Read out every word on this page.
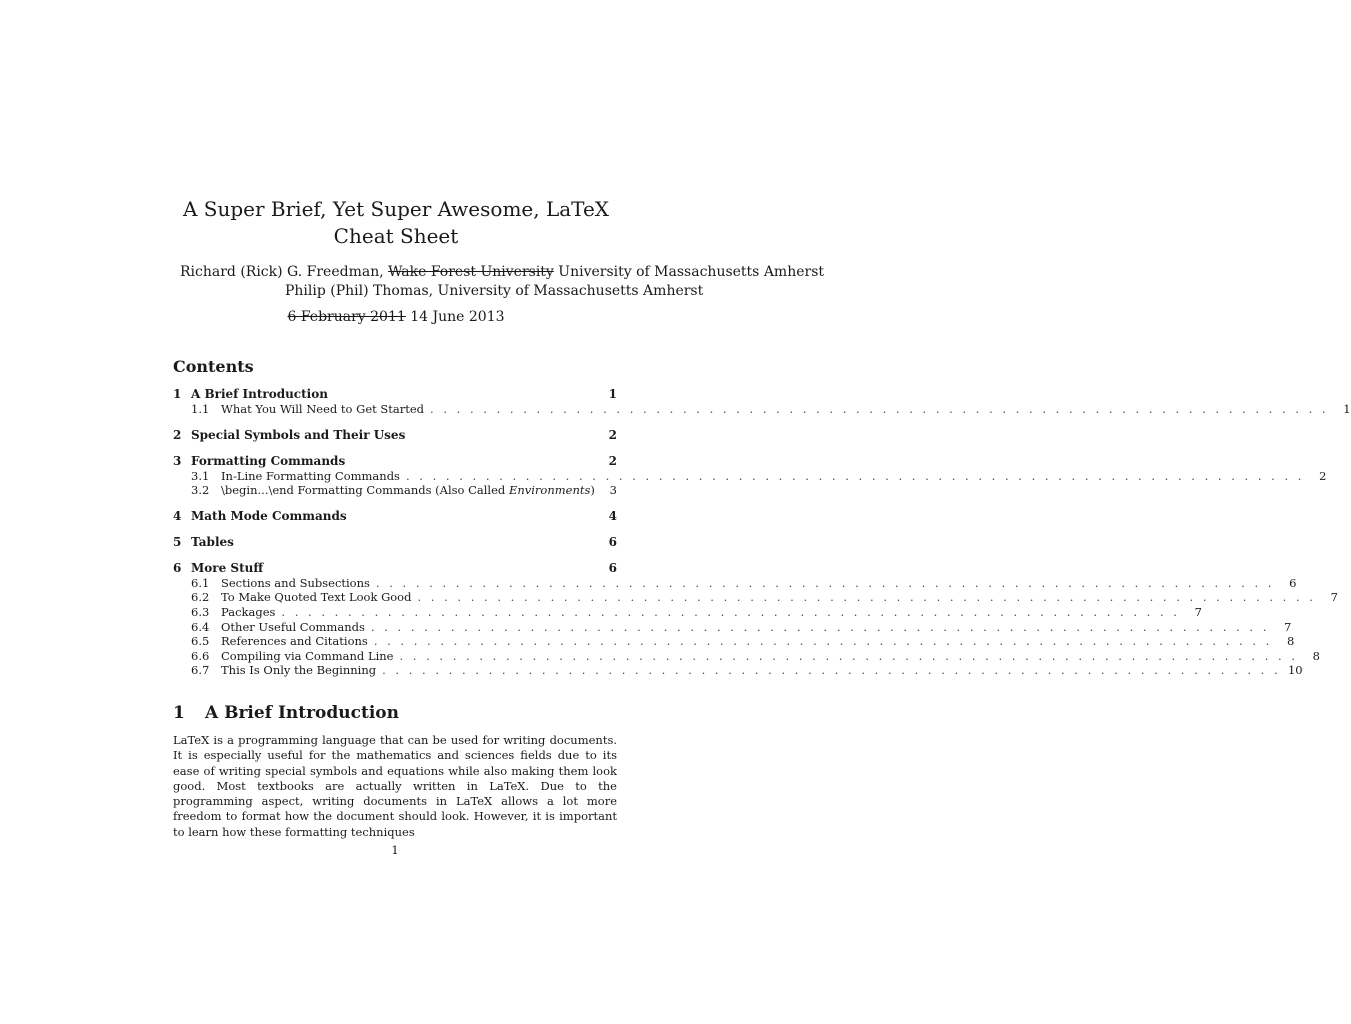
A Super Brief, Yet Super Awesome, LaTeX
Cheat Sheet
Richard (Rick) G. Freedman, Wake Forest University University of Massachusetts Amherst
Philip (Phil) Thomas, University of Massachusetts Amherst
6 February 2011 14 June 2013
Contents
1 A Brief Introduction	1
1.1	What You Will Need to Get Started . . .	1
2 Special Symbols and Their Uses	2
3 Formatting Commands	2
3.1	In-Line Formatting Commands . . .	2
3.2	\begin...\end Formatting Commands (Also Called Environments)	3
4 Math Mode Commands	4
5 Tables	6
6 More Stuff	6
6.1	Sections and Subsections . . .	6
6.2	To Make Quoted Text Look Good . . .	7
6.3	Packages . . .	7
6.4	Other Useful Commands . . .	7
6.5	References and Citations . . .	8
6.6	Compiling via Command Line . . .	8
6.7	This Is Only the Beginning . . .	10
1 A Brief Introduction
LaTeX is a programming language that can be used for writing documents. It is especially useful for the mathematics and sciences fields due to its ease of writing special symbols and equations while also making them look good. Most textbooks are actually written in LaTeX. Due to the programming aspect, writing documents in LaTeX allows a lot more freedom to format how the document should look. However, it is important to learn how these formatting techniques
1
